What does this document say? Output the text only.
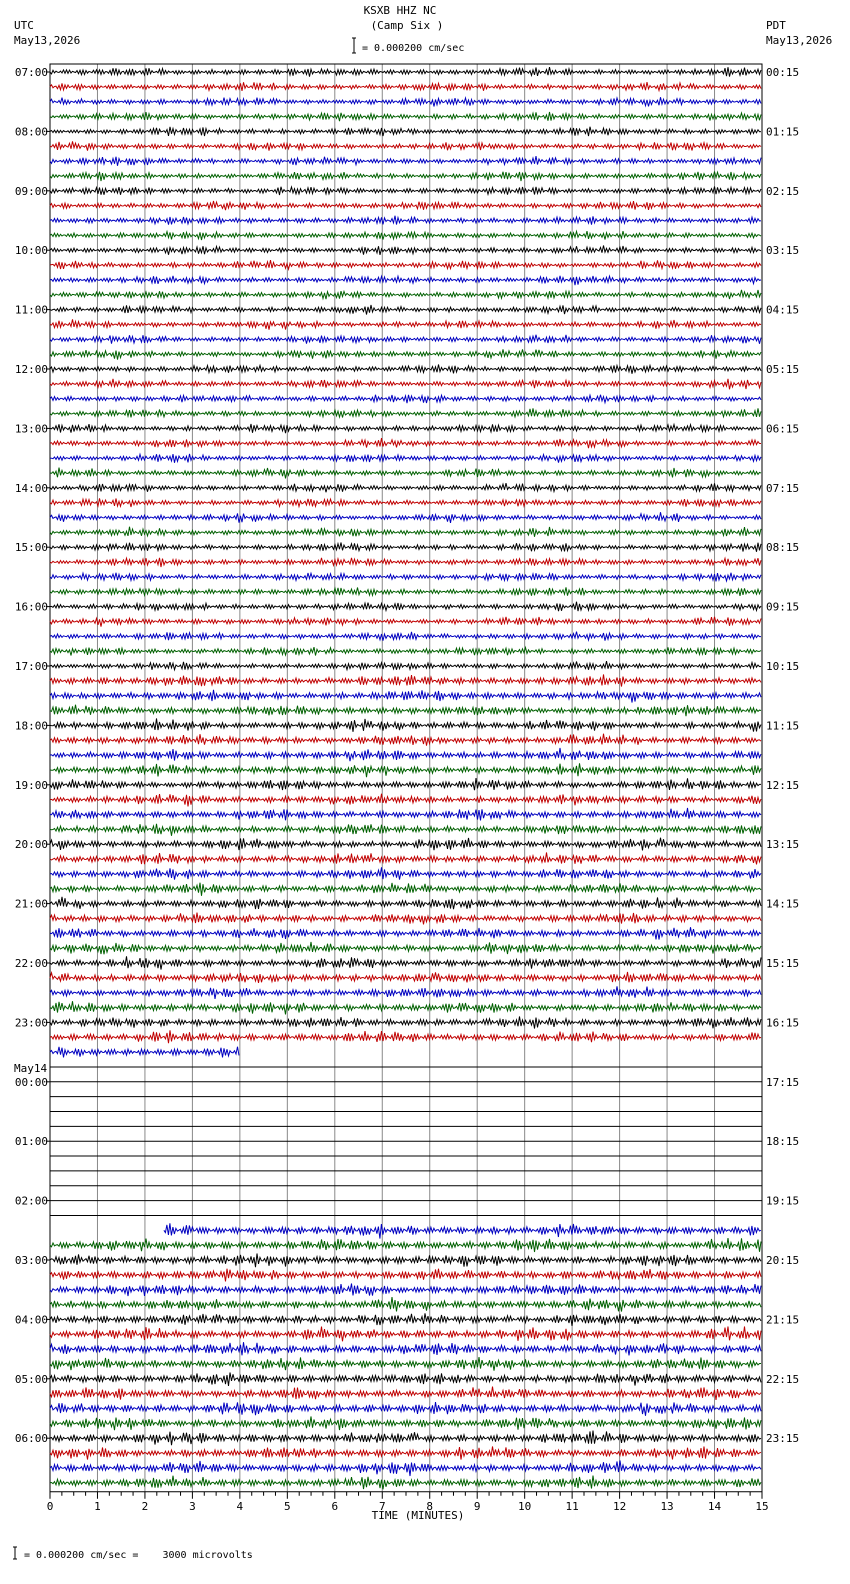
KSXB HHZ NC
(Camp Six )
UTC
May13,2026
PDT
May13,2026
= 0.000200 cm/sec
May14
TIME (MINUTES)
= 0.000200 cm/sec =    3000 microvolts
07:00
08:00
09:00
10:00
11:00
12:00
13:00
14:00
15:00
16:00
17:00
18:00
19:00
20:00
21:00
22:00
23:00
00:00
01:00
02:00
03:00
04:00
05:00
06:00
00:15
01:15
02:15
03:15
04:15
05:15
06:15
07:15
08:15
09:15
10:15
11:15
12:15
13:15
14:15
15:15
16:15
17:15
18:15
19:15
20:15
21:15
22:15
23:15
0	1	2	3	4	5	6	7	8	9	10	11	12	13	14	15
